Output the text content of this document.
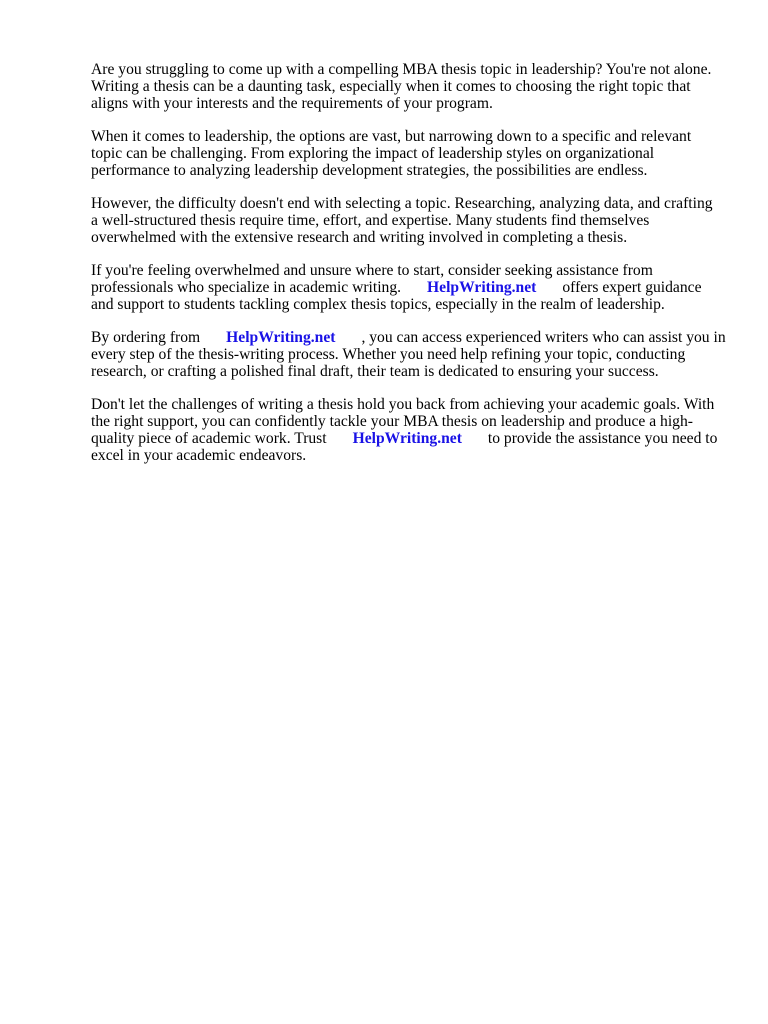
Are you struggling to come up with a compelling MBA thesis topic in leadership? You're not alone.
Writing a thesis can be a daunting task, especially when it comes to choosing the right topic that
aligns with your interests and the requirements of your program.

When it comes to leadership, the options are vast, but narrowing down to a specific and relevant
topic can be challenging. From exploring the impact of leadership styles on organizational
performance to analyzing leadership development strategies, the possibilities are endless.

However, the difficulty doesn't end with selecting a topic. Researching, analyzing data, and crafting
a well-structured thesis require time, effort, and expertise. Many students find themselves
overwhelmed with the extensive research and writing involved in completing a thesis.

If you're feeling overwhelmed and unsure where to start, consider seeking assistance from
professionals who specialize in academic writing. HelpWriting.net offers expert guidance
and support to students tackling complex thesis topics, especially in the realm of leadership.

By ordering from HelpWriting.net , you can access experienced writers who can assist you in
every step of the thesis-writing process. Whether you need help refining your topic, conducting
research, or crafting a polished final draft, their team is dedicated to ensuring your success.

Don't let the challenges of writing a thesis hold you back from achieving your academic goals. With
the right support, you can confidently tackle your MBA thesis on leadership and produce a high-
quality piece of academic work. Trust HelpWriting.net to provide the assistance you need to
excel in your academic endeavors.
